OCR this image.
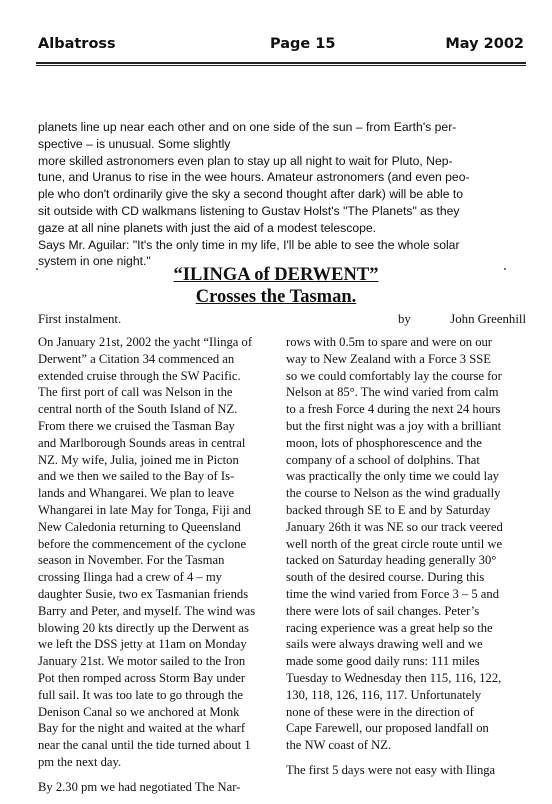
Albatross	Page 15	May 2002
planets line up near each other and on one side of the sun – from Earth's per-
spective – is unusual. Some slightly
more skilled astronomers even plan to stay up all night to wait for Pluto, Nep-
tune, and Uranus to rise in the wee hours. Amateur astronomers (and even peo-
ple who don't ordinarily give the sky a second thought after dark) will be able to
sit outside with CD walkmans listening to Gustav Holst's "The Planets" as they
gaze at all nine planets with just the aid of a modest telescope.
Says Mr. Aguilar: "It's the only time in my life, I'll be able to see the whole solar
system in one night."
“ILINGA of DERWENT”
Crosses the Tasman.
First instalment.	by	John Greenhill

On January 21st, 2002 the yacht “Ilinga of
Derwent” a Citation 34 commenced an
extended cruise through the SW Pacific.
The first port of call was Nelson in the
central north of the South Island of NZ.
From there we cruised the Tasman Bay
and Marlborough Sounds areas in central
NZ. My wife, Julia, joined me in Picton
and we then we sailed to the Bay of Is-
lands and Whangarei. We plan to leave
Whangarei in late May for Tonga, Fiji and
New Caledonia returning to Queensland
before the commencement of the cyclone
season in November. For the Tasman
crossing Ilinga had a crew of 4 – my
daughter Susie, two ex Tasmanian friends
Barry and Peter, and myself. The wind was
blowing 20 kts directly up the Derwent as
we left the DSS jetty at 11am on Monday
January 21st. We motor sailed to the Iron
Pot then romped across Storm Bay under
full sail. It was too late to go through the
Denison Canal so we anchored at Monk
Bay for the night and waited at the wharf
near the canal until the tide turned about 1
pm the next day.

By 2.30 pm we had negotiated The Nar-

rows with 0.5m to spare and were on our
way to New Zealand with a Force 3 SSE
so we could comfortably lay the course for
Nelson at 85°. The wind varied from calm
to a fresh Force 4 during the next 24 hours
but the first night was a joy with a brilliant
moon, lots of phosphorescence and the
company of a school of dolphins. That
was practically the only time we could lay
the course to Nelson as the wind gradually
backed through SE to E and by Saturday
January 26th it was NE so our track veered
well north of the great circle route until we
tacked on Saturday heading generally 30°
south of the desired course. During this
time the wind varied from Force 3 – 5 and
there were lots of sail changes. Peter’s
racing experience was a great help so the
sails were always drawing well and we
made some good daily runs: 111 miles
Tuesday to Wednesday then 115, 116, 122,
130, 118, 126, 116, 117. Unfortunately
none of these were in the direction of
Cape Farewell, our proposed landfall on
the NW coast of NZ.

The first 5 days were not easy with Ilinga
